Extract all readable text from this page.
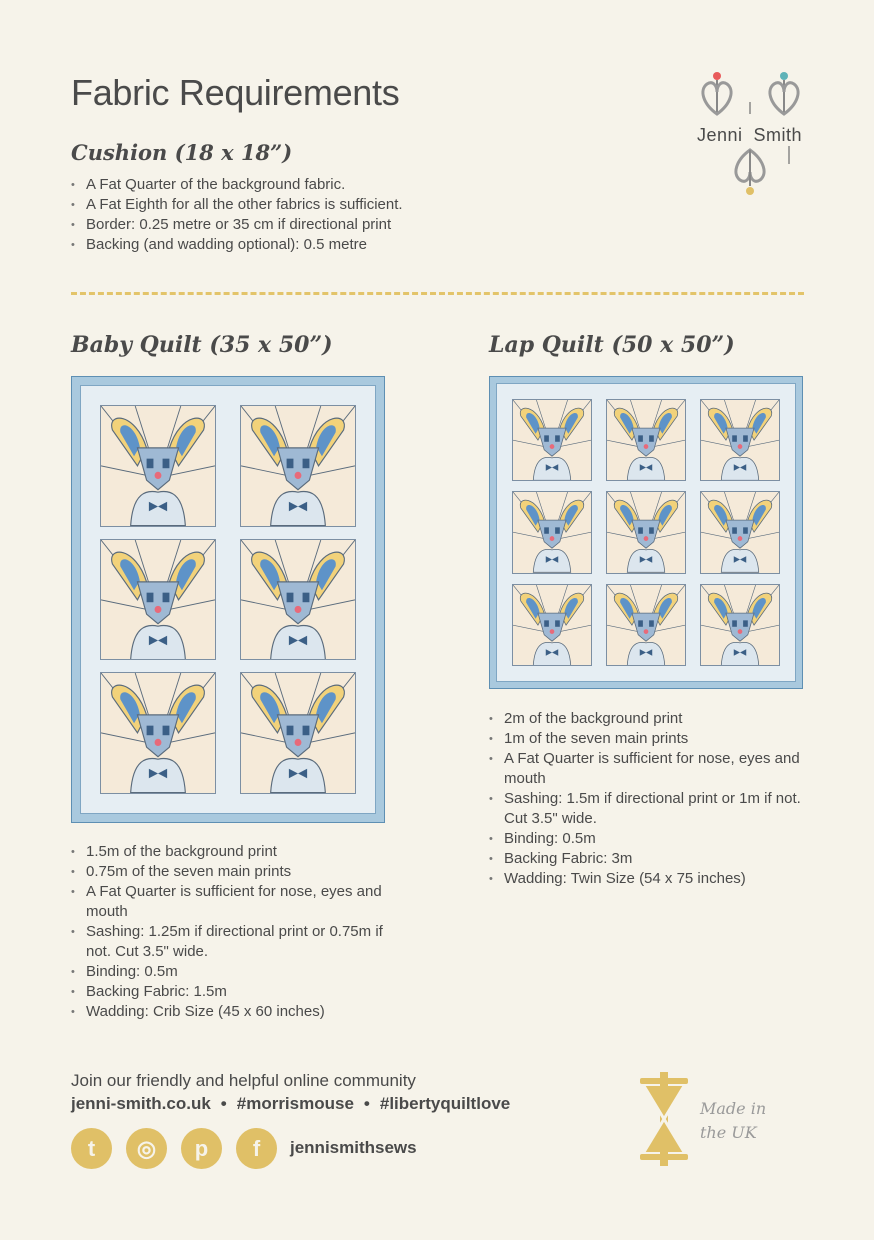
Fabric Requirements
Jenni Smith
Cushion (18 x 18”)
• A Fat Quarter of the background fabric.
• A Fat Eighth for all the other fabrics is sufficient.
• Border: 0.25 metre or 35 cm if directional print
• Backing (and wadding optional): 0.5 metre
Baby Quilt (35 x 50”)	Lap Quilt (50 x 50”)
• 1.5m of the background print
• 0.75m of the seven main prints
• A Fat Quarter is sufficient for nose, eyes and mouth
• Sashing: 1.25m if directional print or 0.75m if not. Cut 3.5" wide.
• Binding: 0.5m
• Backing Fabric: 1.5m
• Wadding: Crib Size (45 x 60 inches)
• 2m of the background print
• 1m of the seven main prints
• A Fat Quarter is sufficient for nose, eyes and mouth
• Sashing: 1.5m if directional print or 1m if not. Cut 3.5" wide.
• Binding: 0.5m
• Backing Fabric: 3m
• Wadding: Twin Size (54 x 75 inches)
Join our friendly and helpful online community
jenni-smith.co.uk • #morrismouse • #libertyquiltlove
t	◎	p	f	jennismithsews
Made in
the UK
